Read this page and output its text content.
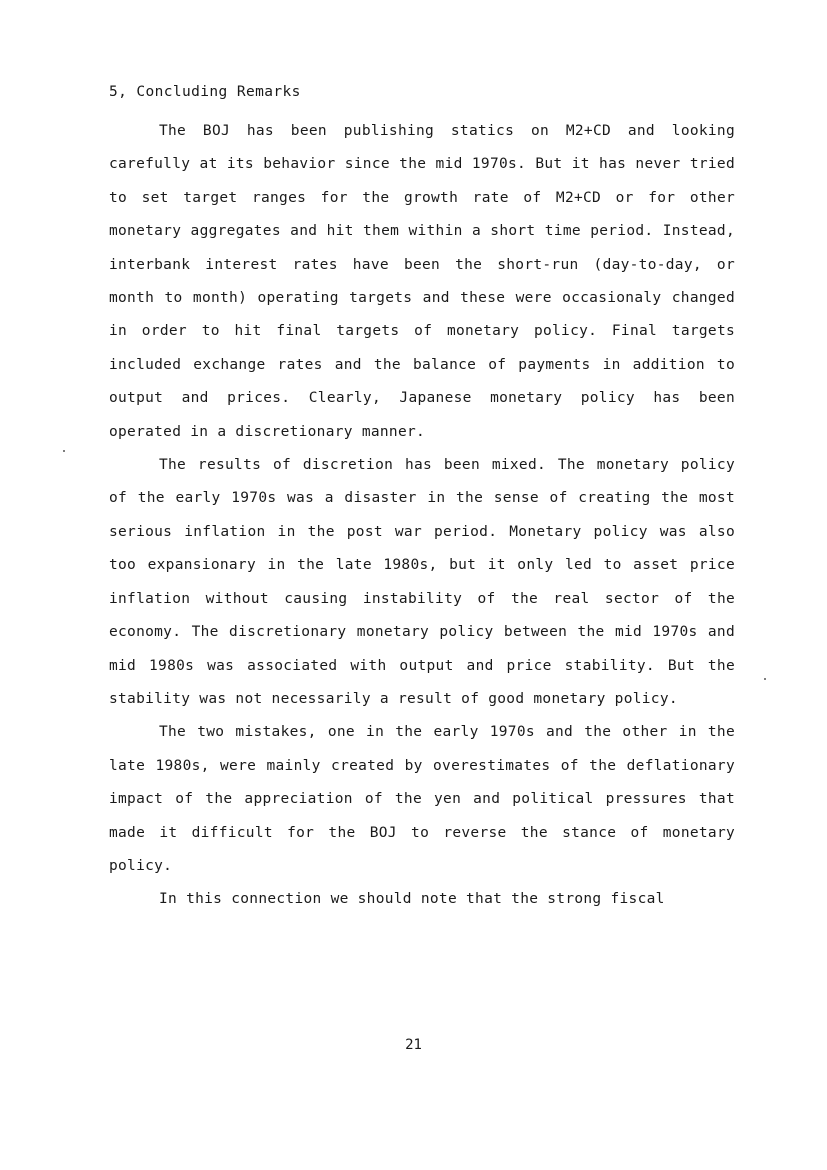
5, Concluding Remarks

The BOJ has been publishing statics on M2+CD and looking carefully at its behavior since the mid 1970s. But it has never tried to set target ranges for the growth rate of M2+CD or for other monetary aggregates and hit them within a short time period. Instead, interbank interest rates have been the short-run (day-to-day, or month to month) operating targets and these were occasionaly changed in order to hit final targets of monetary policy. Final targets included exchange rates and the balance of payments in addition to output and prices. Clearly, Japanese monetary policy has been operated in a discretionary manner.

The results of discretion has been mixed. The monetary policy of the early 1970s was a disaster in the sense of creating the most serious inflation in the post war period. Monetary policy was also too expansionary in the late 1980s, but it only led to asset price inflation without causing instability of the real sector of the economy. The discretionary monetary policy between the mid 1970s and mid 1980s was associated with output and price stability. But the stability was not necessarily a result of good monetary policy.

The two mistakes, one in the early 1970s and the other in the late 1980s, were mainly created by overestimates of the deflationary impact of the appreciation of the yen and political pressures that made it difficult for the BOJ to reverse the stance of monetary policy.

In this connection we should note that the strong fiscal

21
